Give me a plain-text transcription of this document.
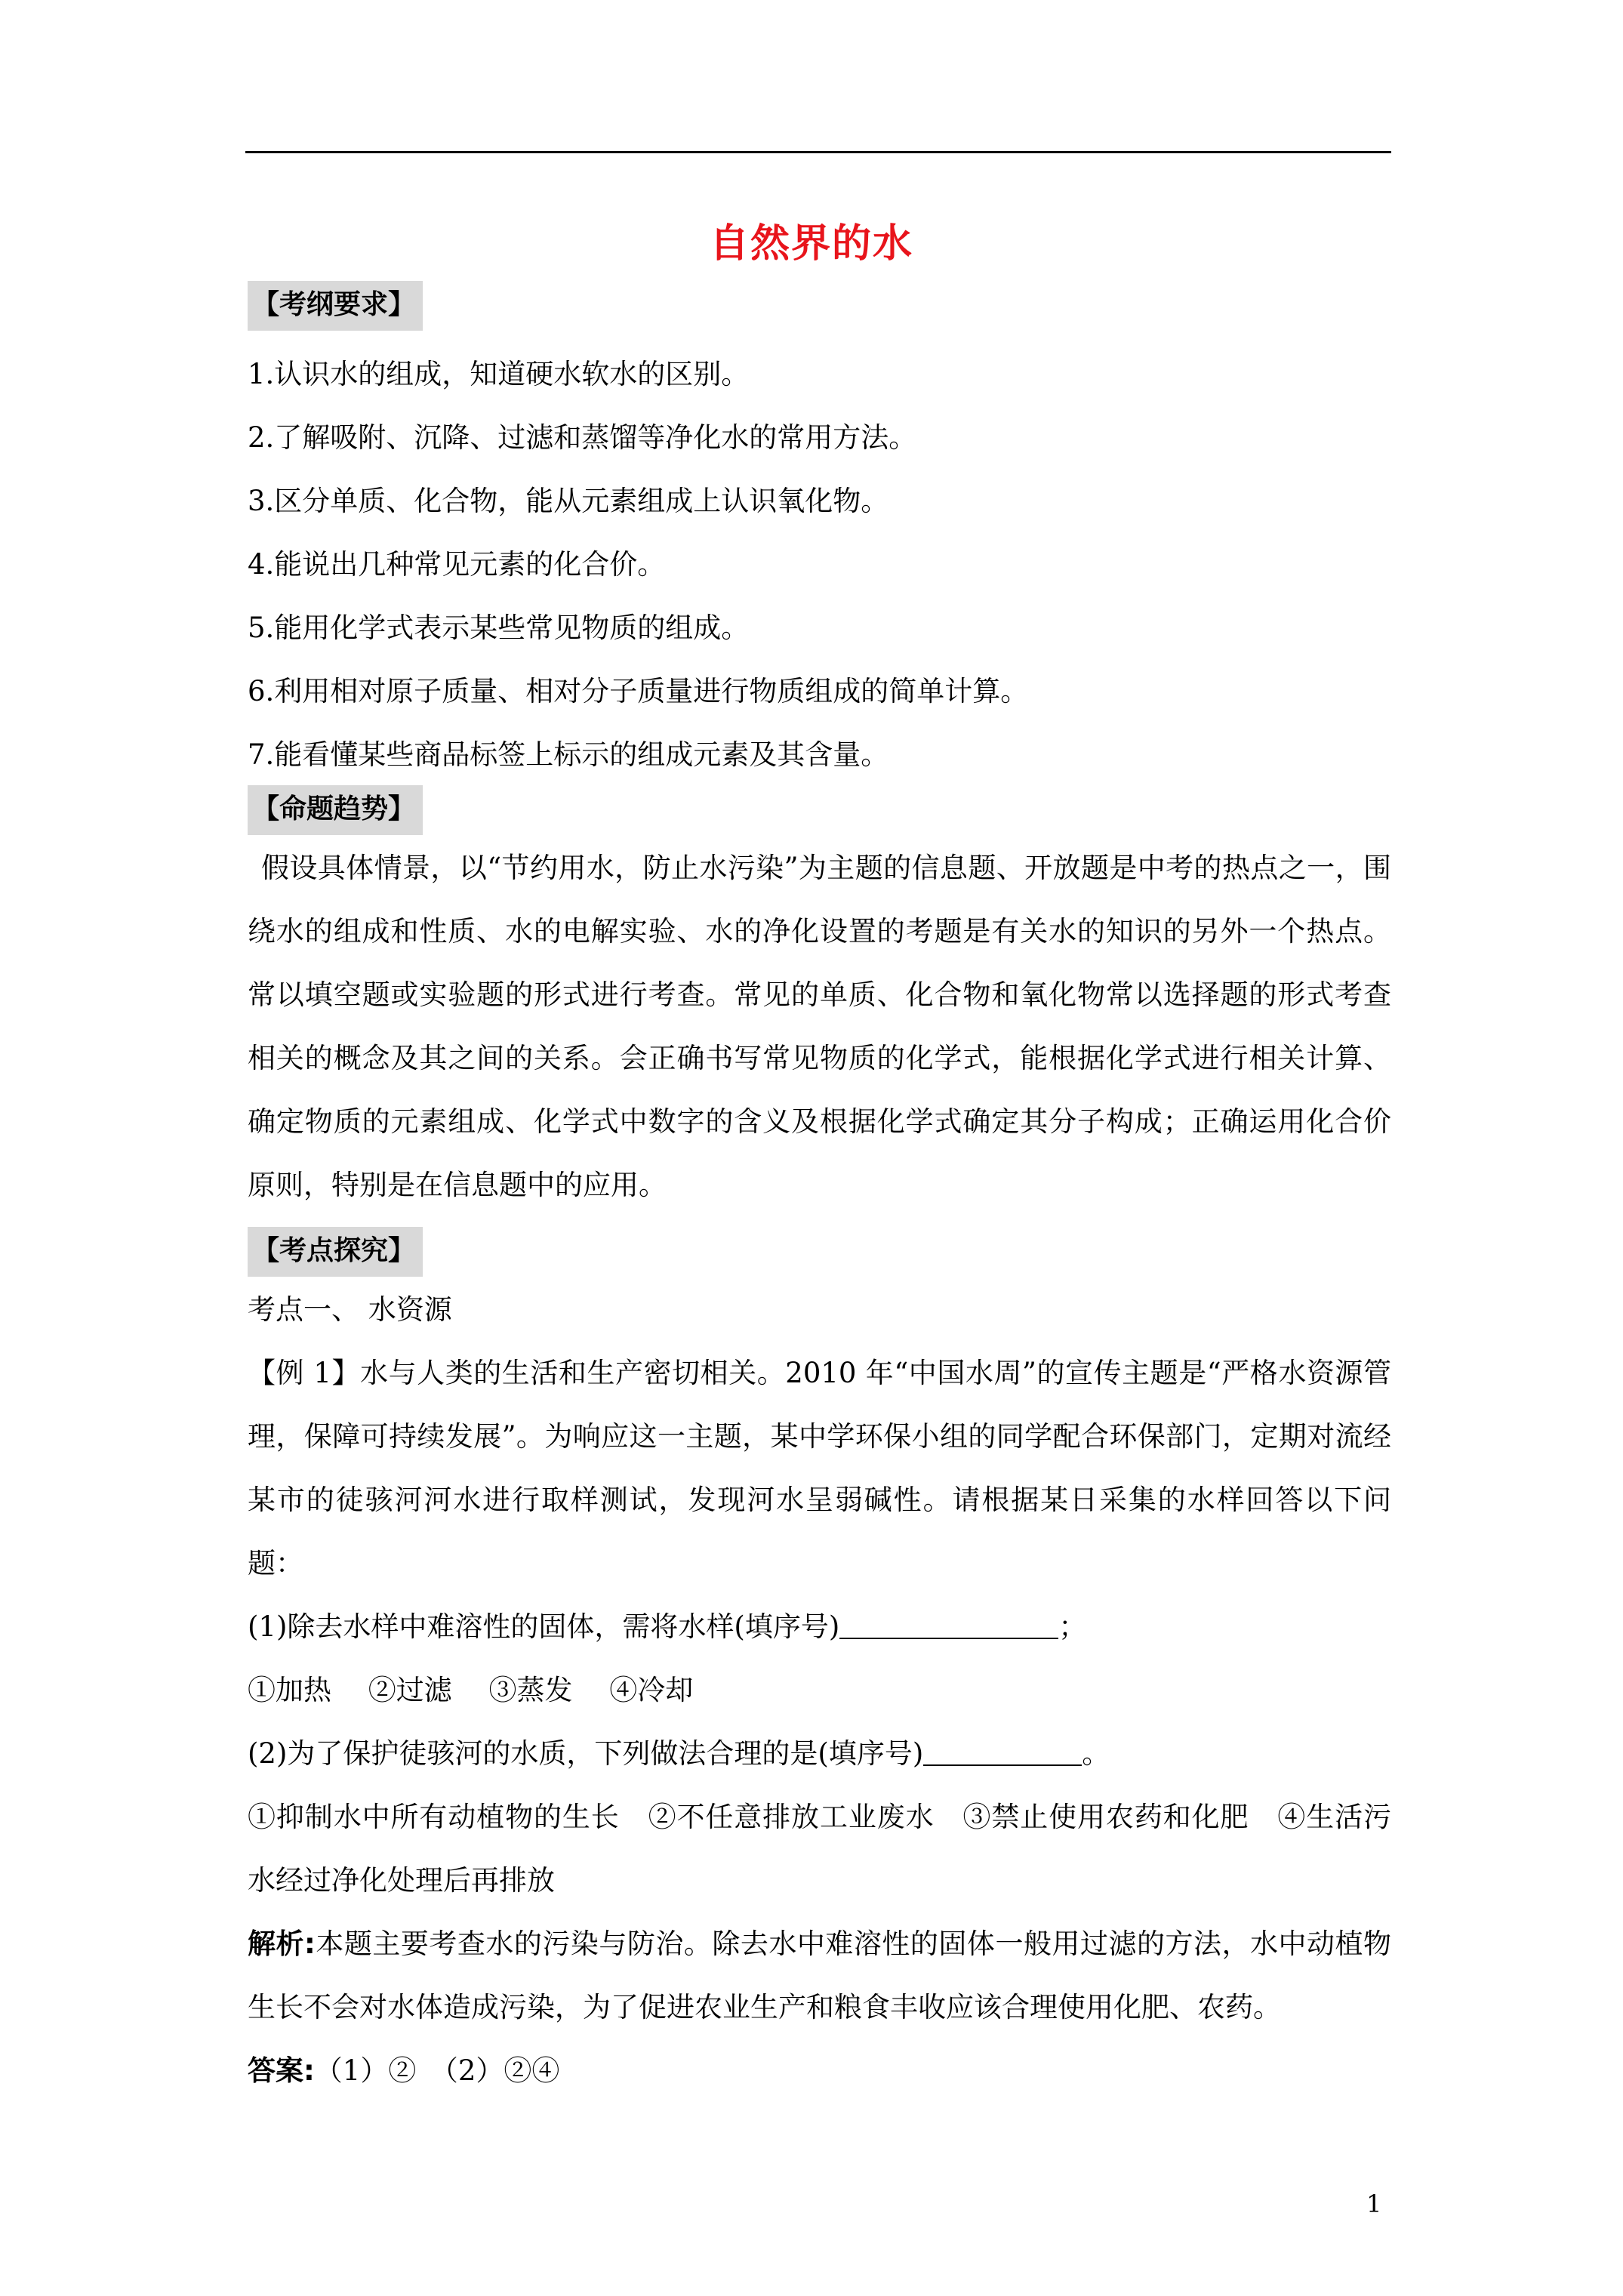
自然界的水
【考纲要求】
1.认识水的组成，知道硬水软水的区别。
2.了解吸附、沉降、过滤和蒸馏等净化水的常用方法。
3.区分单质、化合物，能从元素组成上认识氧化物。
4.能说出几种常见元素的化合价。
5.能用化学式表示某些常见物质的组成。
6.利用相对原子质量、相对分子质量进行物质组成的简单计算。
7.能看懂某些商品标签上标示的组成元素及其含量。
【命题趋势】
假设具体情景，以“节约用水，防止水污染”为主题的信息题、开放题是中考的热点之一，围绕水的组成和性质、水的电解实验、水的净化设置的考题是有关水的知识的另外一个热点。常以填空题或实验题的形式进行考查。常见的单质、化合物和氧化物常以选择题的形式考查相关的概念及其之间的关系。会正确书写常见物质的化学式，能根据化学式进行相关计算、确定物质的元素组成、化学式中数字的含义及根据化学式确定其分子构成；正确运用化合价原则，特别是在信息题中的应用。
【考点探究】
考点一、 水资源
【例 1】水与人类的生活和生产密切相关。2010 年“中国水周”的宣传主题是“严格水资源管理，保障可持续发展”。为响应这一主题，某中学环保小组的同学配合环保部门，定期对流经某市的徒骇河河水进行取样测试，发现河水呈弱碱性。请根据某日采集的水样回答以下问题：
(1)除去水样中难溶性的固体，需将水样(填序号)	；
①加热　 ②过滤　 ③蒸发　 ④冷却
(2)为了保护徒骇河的水质，下列做法合理的是(填序号)	。
①抑制水中所有动植物的生长　②不任意排放工业废水　③禁止使用农药和化肥　④生活污水经过净化处理后再排放
解析:本题主要考查水的污染与防治。除去水中难溶性的固体一般用过滤的方法，水中动植物生长不会对水体造成污染，为了促进农业生产和粮食丰收应该合理使用化肥、农药。
答案:（1）②　（2）②④
1
